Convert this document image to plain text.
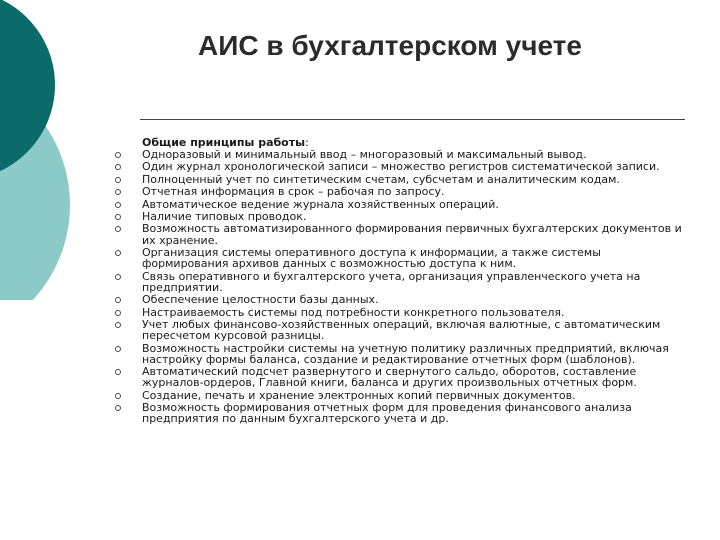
АИС в бухгалтерском учете
Общие принципы работы:
Одноразовый и минимальный ввод – многоразовый и максимальный вывод.
Один журнал хронологической записи – множество регистров систематической записи.
Полноценный учет по синтетическим счетам, субсчетам и аналитическим кодам.
Отчетная информация в срок – рабочая по запросу.
Автоматическое ведение журнала хозяйственных операций.
Наличие типовых проводок.
Возможность автоматизированного формирования первичных бухгалтерских документов и их хранение.
Организация системы оперативного доступа к информации, а также системы формирования архивов данных с возможностью доступа к ним.
Связь оперативного и бухгалтерского учета, организация управленческого учета на предприятии.
Обеспечение целостности базы данных.
Настраиваемость системы под потребности конкретного пользователя.
Учет любых финансово-хозяйственных операций, включая валютные, с автоматическим пересчетом курсовой разницы.
Возможность настройки системы на учетную политику различных предприятий, включая настройку формы баланса, создание и редактирование отчетных форм (шаблонов).
Автоматический подсчет развернутого и свернутого сальдо, оборотов, составление журналов-ордеров, Главной книги, баланса и других произвольных отчетных форм.
Создание, печать и хранение электронных копий первичных документов.
Возможность формирования отчетных форм для проведения финансового анализа предприятия по данным бухгалтерского учета и др.
